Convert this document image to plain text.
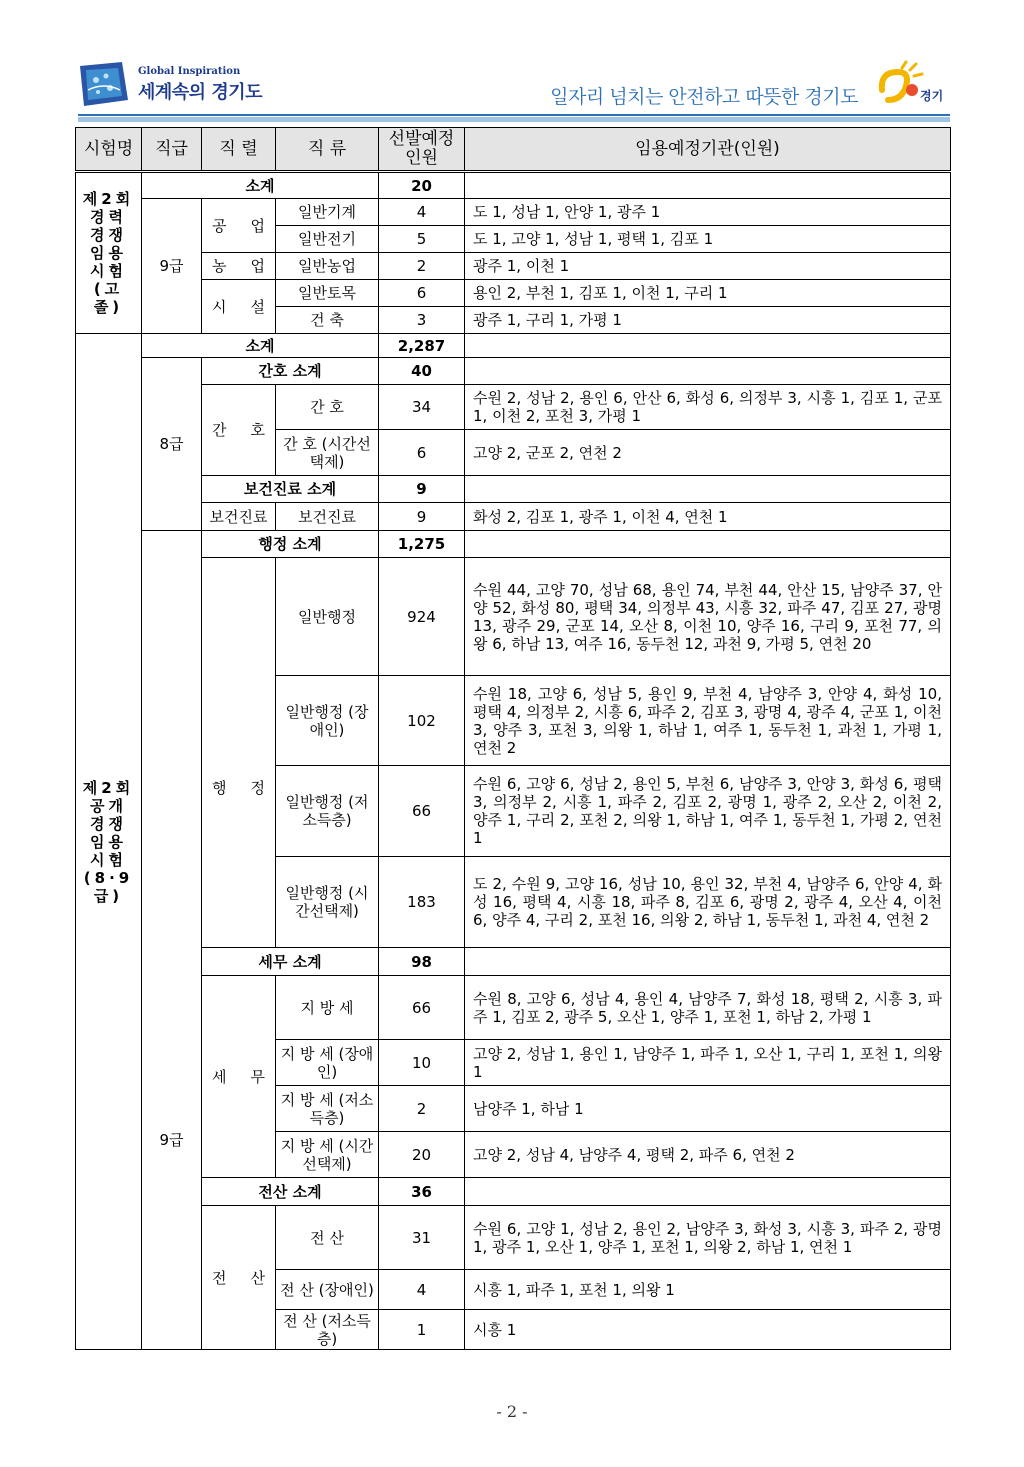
Global Inspiration
세계속의 경기도	일자리 넘치는 안전하고 따뜻한 경기도	경기
시험명	직급	직 렬	직 류	선발예정 인원	임용예정기관(인원)
제2회 경력 경쟁 임용 시험 (고졸)	소계			20	
	9급	공 업	일반기계	4	도 1, 성남 1, 안양 1, 광주 1
			일반전기	5	도 1, 고양 1, 성남 1, 평택 1, 김포 1
		농 업	일반농업	2	광주 1, 이천 1
		시 설	일반토목	6	용인 2, 부천 1, 김포 1, 이천 1, 구리 1
			건 축	3	광주 1, 구리 1, 가평 1
제2회 공개 경쟁 임용 시험 (8·9급)	소계			2,287	
	8급	간호 소계		40	
		간 호	간 호	34	수원 2, 성남 2, 용인 6, 안산 6, 화성 6, 의정부 3, 시흥 1, 김포 1, 군포 1, 이천 2, 포천 3, 가평 1
			간 호 (시간선택제)	6	고양 2, 군포 2, 연천 2
		보건진료 소계		9	
		보건진료	보건진료	9	화성 2, 김포 1, 광주 1, 이천 4, 연천 1
	9급	행정 소계		1,275	
		행 정	일반행정	924	수원 44, 고양 70, 성남 68, 용인 74, 부천 44, 안산 15, 남양주 37, 안양 52, 화성 80, 평택 34, 의정부 43, 시흥 32, 파주 47, 김포 27, 광명 13, 광주 29, 군포 14, 오산 8, 이천 10, 양주 16, 구리 9, 포천 77, 의왕 6, 하남 13, 여주 16, 동두천 12, 과천 9, 가평 5, 연천 20
			일반행정 (장애인)	102	수원 18, 고양 6, 성남 5, 용인 9, 부천 4, 남양주 3, 안양 4, 화성 10, 평택 4, 의정부 2, 시흥 6, 파주 2, 김포 3, 광명 4, 광주 4, 군포 1, 이천 3, 양주 3, 포천 3, 의왕 1, 하남 1, 여주 1, 동두천 1, 과천 1, 가평 1, 연천 2
			일반행정 (저소득층)	66	수원 6, 고양 6, 성남 2, 용인 5, 부천 6, 남양주 3, 안양 3, 화성 6, 평택 3, 의정부 2, 시흥 1, 파주 2, 김포 2, 광명 1, 광주 2, 오산 2, 이천 2, 양주 1, 구리 2, 포천 2, 의왕 1, 하남 1, 여주 1, 동두천 1, 가평 2, 연천 1
			일반행정 (시간선택제)	183	도 2, 수원 9, 고양 16, 성남 10, 용인 32, 부천 4, 남양주 6, 안양 4, 화성 16, 평택 4, 시흥 18, 파주 8, 김포 6, 광명 2, 광주 4, 오산 4, 이천 6, 양주 4, 구리 2, 포천 16, 의왕 2, 하남 1, 동두천 1, 과천 4, 연천 2
		세무 소계		98	
		세 무	지 방 세	66	수원 8, 고양 6, 성남 4, 용인 4, 남양주 7, 화성 18, 평택 2, 시흥 3, 파주 1, 김포 2, 광주 5, 오산 1, 양주 1, 포천 1, 하남 2, 가평 1
			지 방 세 (장애인)	10	고양 2, 성남 1, 용인 1, 남양주 1, 파주 1, 오산 1, 구리 1, 포천 1, 의왕 1
			지 방 세 (저소득층)	2	남양주 1, 하남 1
			지 방 세 (시간선택제)	20	고양 2, 성남 4, 남양주 4, 평택 2, 파주 6, 연천 2
		전산 소계		36	
		전 산	전 산	31	수원 6, 고양 1, 성남 2, 용인 2, 남양주 3, 화성 3, 시흥 3, 파주 2, 광명 1, 광주 1, 오산 1, 양주 1, 포천 1, 의왕 2, 하남 1, 연천 1
			전 산 (장애인)	4	시흥 1, 파주 1, 포천 1, 의왕 1
			전 산 (저소득층)	1	시흥 1
- 2 -
